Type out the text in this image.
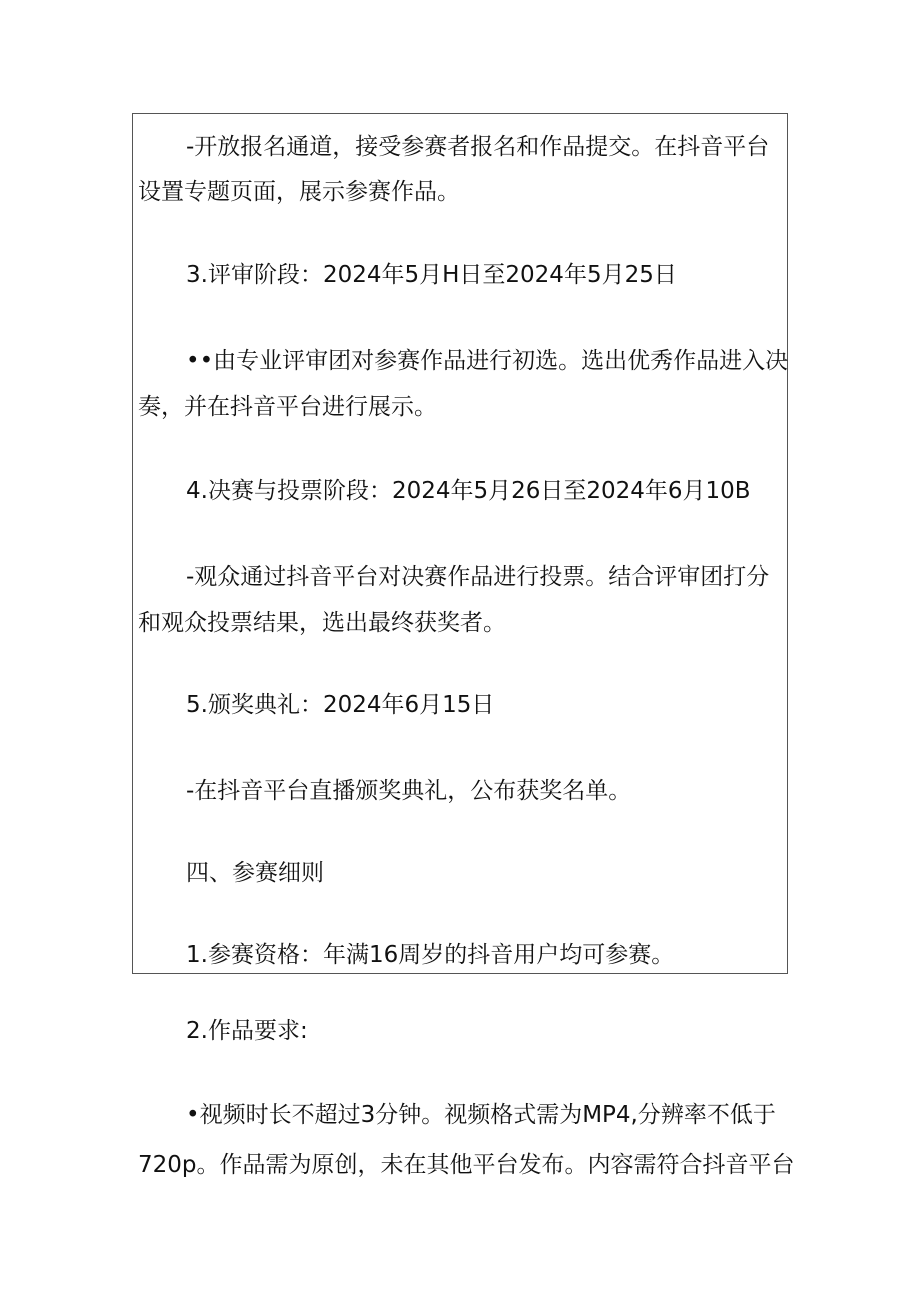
-开放报名通道，接受参赛者报名和作品提交。在抖音平台
设置专题页面，展示参赛作品。
3.评审阶段：2024年5月H日至2024年5月25日
••由专业评审团对参赛作品进行初选。选出优秀作品进入决
奏，并在抖音平台进行展示。
4.决赛与投票阶段：2024年5月26日至2024年6月10B
-观众通过抖音平台对决赛作品进行投票。结合评审团打分
和观众投票结果，选出最终获奖者。
5.颁奖典礼：2024年6月15日
-在抖音平台直播颁奖典礼，公布获奖名单。
四、参赛细则
1.参赛资格：年满16周岁的抖音用户均可参赛。
2.作品要求:
•视频时长不超过3分钟。视频格式需为MP4,分辨率不低于
720p。作品需为原创，未在其他平台发布。内容需符合抖音平台
